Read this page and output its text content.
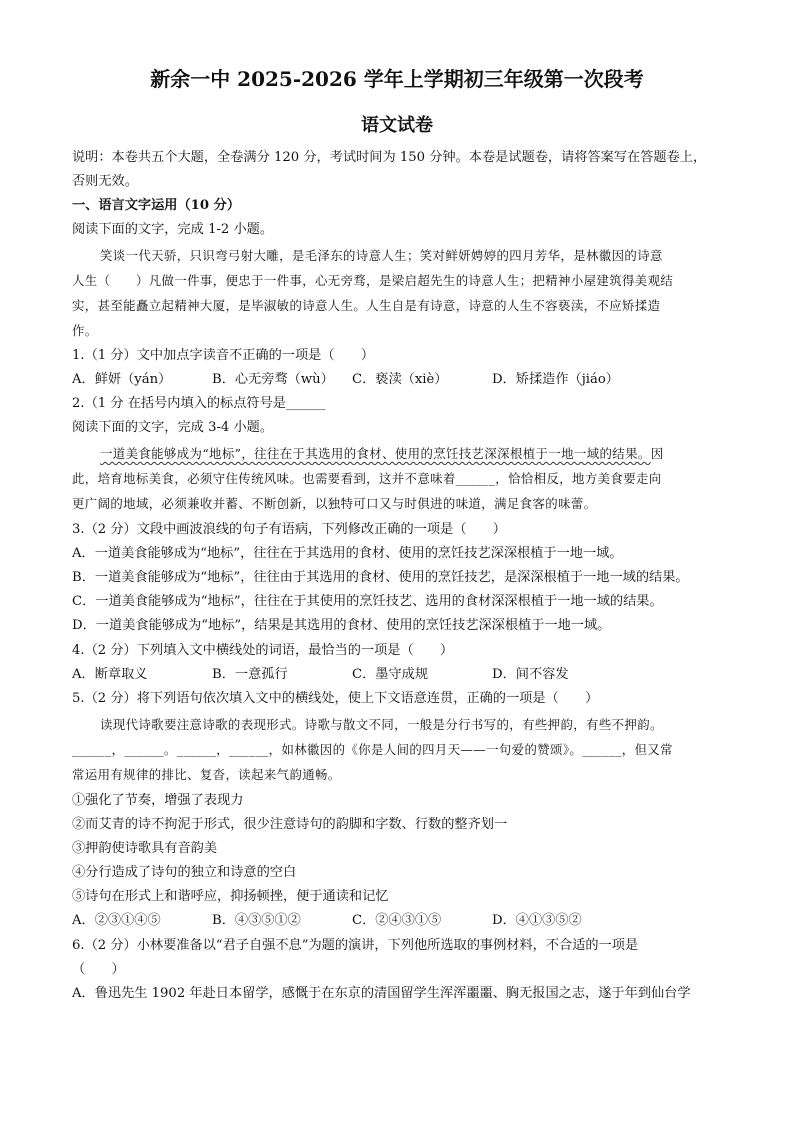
新余一中 2025-2026 学年上学期初三年级第一次段考
语文试卷
说明：本卷共五个大题，全卷满分 120 分，考试时间为 150 分钟。本卷是试题卷，请将答案写在答题卷上，
否则无效。
一、语言文字运用（10 分）
阅读下面的文字，完成 1-2 小题。
笑谈一代天骄，只识弯弓射大雕，是毛泽东的诗意人生；笑对鲜妍娉婷的四月芳华，是林徽因的诗意
人生（　　）凡做一件事，便忠于一件事，心无旁骛，是梁启超先生的诗意人生；把精神小屋建筑得美观结
实，甚至能矗立起精神大厦，是毕淑敏的诗意人生。人生自是有诗意，诗意的人生不容亵渎，不应矫揉造
作。
1.（1 分）文中加点字读音不正确的一项是（　　）
A．鲜妍（yán）	B．心无旁骛（wù） C．亵渎（xiè）	D．矫揉造作（jiáo）
2.（1 分 在括号内填入的标点符号是______
阅读下面的文字，完成 3-4 小题。
一道美食能够成为“地标”，往往在于其选用的食材、使用的烹饪技艺深深根植于一地一域的结果。因
此，培育地标美食，必须守住传统风味。也需要看到，这并不意味着______，恰恰相反，地方美食要走向
更广阔的地域，必须兼收并蓄、不断创新，以独特可口又与时俱进的味道，满足食客的味蕾。
3.（2 分）文段中画波浪线的句子有语病，下列修改正确的一项是（　　）
A．一道美食能够成为“地标”，往往在于其选用的食材、使用的烹饪技艺深深根植于一地一域。
B．一道美食能够成为“地标”，往往由于其选用的食材、使用的烹饪技艺，是深深根植于一地一域的结果。
C．一道美食能够成为“地标”，往往在于其使用的烹饪技艺、选用的食材深深根植于一地一域的结果。
D．一道美食能够成为“地标”，结果是其选用的食材、使用的烹饪技艺深深根植于一地一域。
4.（2 分）下列填入文中横线处的词语，最恰当的一项是（　　）
A．断章取义	B．一意孤行	C．墨守成规	D．间不容发
5.（2 分）将下列语句依次填入文中的横线处，使上下文语意连贯，正确的一项是（　　）
读现代诗歌要注意诗歌的表现形式。诗歌与散文不同，一般是分行书写的，有些押韵，有些不押韵。
______，______。______，______，如林徽因的《你是人间的四月天——一句爱的赞颂》。______，但又常
常运用有规律的排比、复沓，读起来气韵通畅。
①强化了节奏，增强了表现力
②而艾青的诗不拘泥于形式，很少注意诗句的韵脚和字数、行数的整齐划一
③押韵使诗歌具有音韵美
④分行造成了诗句的独立和诗意的空白
⑤诗句在形式上和谐呼应，抑扬顿挫，便于通读和记忆
A．②③①④⑤	B．④③⑤①②	C．②④③①⑤	D．④①③⑤②
6.（2 分）小林要准备以“君子自强不息”为题的演讲，下列他所选取的事例材料，不合适的一项是
（　　）
A．鲁迅先生 1902 年赴日本留学，感慨于在东京的清国留学生浑浑噩噩、胸无报国之志，遂于年到仙台学
